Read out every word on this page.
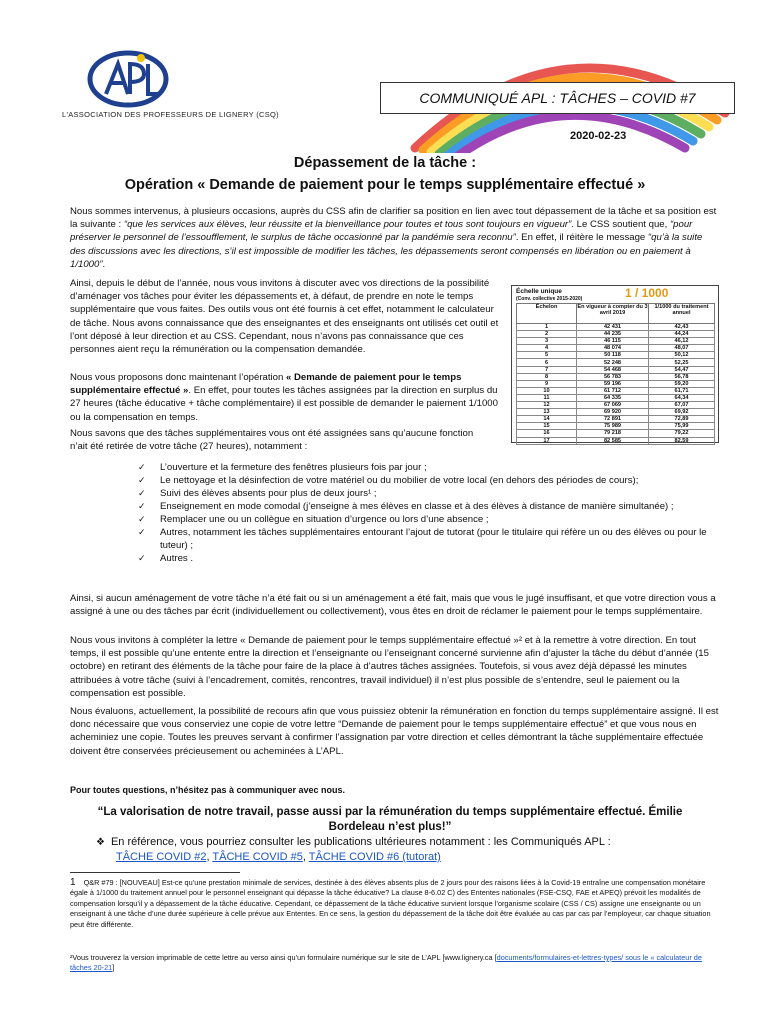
L'ASSOCIATION DES PROFESSEURS DE LIGNERY (CSQ)
COMMUNIQUÉ APL : TÂCHES – COVID #7
2020-02-23
Dépassement de la tâche :
Opération « Demande de paiement pour le temps supplémentaire effectué »
Nous sommes intervenus, à plusieurs occasions, auprès du CSS afin de clarifier sa position en lien avec tout dépassement de la tâche et sa position est la suivante : “que les services aux élèves, leur réussite et la bienveillance pour toutes et tous sont toujours en vigueur”. Le CSS soutient que, “pour préserver le personnel de l’essoufflement, le surplus de tâche occasionné par la pandémie sera reconnu”. En effet, il réitère le message “qu’à la suite des discussions avec les directions, s’il est impossible de modifier les tâches, les dépassements seront compensés en libération ou en paiement à 1/1000”.
Ainsi, depuis le début de l’année, nous vous invitons à discuter avec vos directions de la possibilité d’aménager vos tâches pour éviter les dépassements et, à défaut, de prendre en note le temps supplémentaire que vous faites. Des outils vous ont été fournis à cet effet, notamment le calculateur de tâche. Nous avons connaissance que des enseignantes et des enseignants ont utilisés cet outil et l’ont déposé à leur direction et au CSS. Cependant, nous n’avons pas connaissance que ces personnes aient reçu la rémunération ou la compensation demandée.
Nous vous proposons donc maintenant l’opération « Demande de paiement pour le temps supplémentaire effectué ». En effet, pour toutes les tâches assignées par la direction en surplus du 27 heures (tâche éducative + tâche complémentaire) il est possible de demander le paiement 1/1000 ou la compensation en temps.
Nous savons que des tâches supplémentaires vous ont été assignées sans qu’aucune fonction n’ait été retirée de votre tâche (27 heures), notamment :
Échelle unique
(Conv. collective 2015-2020)	1 / 1000
Échelon	En vigueur à compter du 3 avril 2019	1/1000 du traitement annuel
1	42 431	42,43
2	44 235	44,24
3	46 115	46,12
4	48 074	48,07
5	50 118	50,12
6	52 248	52,25
7	54 468	54,47
8	56 783	56,78
9	59 196	59,20
10	61 712	61,71
11	64 335	64,34
12	67 069	67,07
13	69 920	69,92
14	72 891	72,89
15	75 989	75,99
16	79 218	79,22
17	82 585	82,59
✓ L’ouverture et la fermeture des fenêtres plusieurs fois par jour ;
✓ Le nettoyage et la désinfection de votre matériel ou du mobilier de votre local (en dehors des périodes de cours);
✓ Suivi des élèves absents pour plus de deux jours¹ ;
✓ Enseignement en mode comodal (j’enseigne à mes élèves en classe et à des élèves à distance de manière simultanée) ;
✓ Remplacer une ou un collègue en situation d’urgence ou lors d’une absence ;
✓ Autres, notamment les tâches supplémentaires entourant l’ajout de tutorat (pour le titulaire qui réfère un ou des élèves ou pour le tuteur) ;
✓ Autres .
Ainsi, si aucun aménagement de votre tâche n’a été fait ou si un aménagement a été fait, mais que vous le jugé insuffisant, et que votre direction vous a assigné à une ou des tâches par écrit (individuellement ou collectivement), vous êtes en droit de réclamer le paiement pour le temps supplémentaire.
Nous vous invitons à compléter la lettre « Demande de paiement pour le temps supplémentaire effectué »² et à la remettre à votre direction. En tout temps, il est possible qu’une entente entre la direction et l’enseignante ou l’enseignant concerné survienne afin d’ajuster la tâche du début d’année (15 octobre) en retirant des éléments de la tâche pour faire de la place à d’autres tâches assignées. Toutefois, si vous avez déjà dépassé les minutes attribuées à votre tâche (suivi à l’encadrement, comités, rencontres, travail individuel) il n’est plus possible de s’entendre, seul le paiement ou la compensation est possible.
Nous évaluons, actuellement, la possibilité de recours afin que vous puissiez obtenir la rémunération en fonction du temps supplémentaire assigné. Il est donc nécessaire que vous conserviez une copie de votre lettre “Demande de paiement pour le temps supplémentaire effectué” et que vous nous en acheminiez une copie. Toutes les preuves servant à confirmer l’assignation par votre direction et celles démontrant la tâche supplémentaire effectuée doivent être conservées précieusement ou acheminées à L’APL.
Pour toutes questions, n’hésitez pas à communiquer avec nous.
“La valorisation de notre travail, passe aussi par la rémunération du temps supplémentaire effectué. Émilie Bordeleau n’est plus!”
❖ En référence, vous pourriez consulter les publications ultérieures notamment : les Communiqués APL :
TÂCHE COVID #2, TÂCHE COVID #5, TÂCHE COVID #6 (tutorat)
1 Q&R #79 : [NOUVEAU] Est-ce qu’une prestation minimale de services, destinée à des élèves absents plus de 2 jours pour des raisons liées à la Covid-19 entraîne une compensation monétaire égale à 1/1000 du traitement annuel pour le personnel enseignant qui dépasse la tâche éducative? La clause 8-6.02 C) des Ententes nationales (FSE-CSQ, FAE et APEQ) prévoit les modalités de compensation lorsqu’il y a dépassement de la tâche éducative. Cependant, ce dépassement de la tâche éducative survient lorsque l’organisme scolaire (CSS / CS) assigne une enseignante ou un enseignant à une tâche d’une durée supérieure à celle prévue aux Ententes. En ce sens, la gestion du dépassement de la tâche doit être évaluée au cas par cas par l’employeur, car chaque situation peut être différente.
²Vous trouverez la version imprimable de cette lettre au verso ainsi qu’un formulaire numérique sur le site de L’APL [www.lignery.ca [documents/formulaires-et-lettres-types/ sous le « calculateur de tâches 20-21]
